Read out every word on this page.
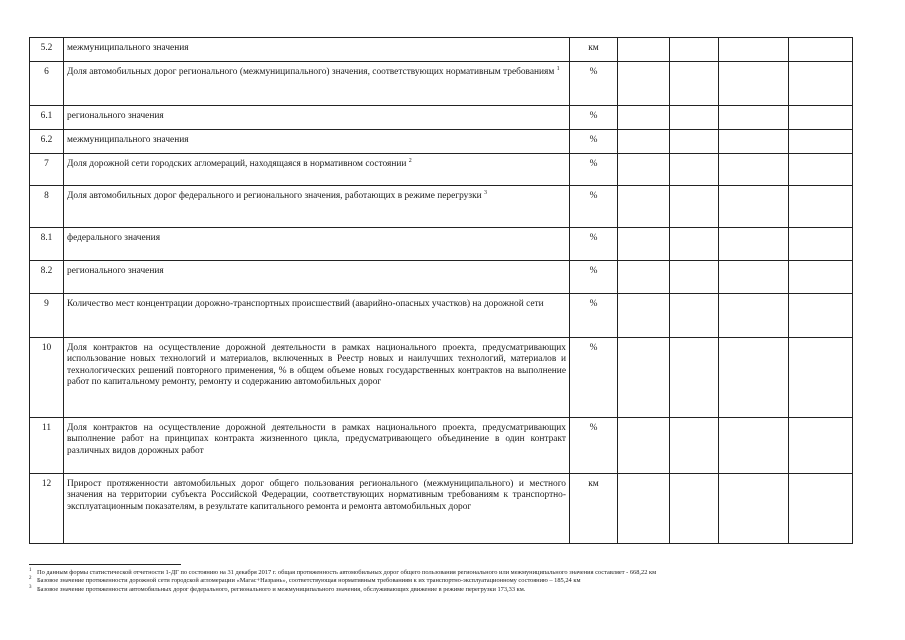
5.2	межмуниципального значения	км				
6	Доля автомобильных дорог регионального (межмуниципального) значения, соответствующих нормативным требованиям $^1$	%				
6.1	регионального значения	%				
6.2	межмуниципального значения	%				
7	Доля дорожной сети городских агломераций, находящаяся в нормативном состоянии $^2$	%				
8	Доля автомобильных дорог федерального и регионального значения, работающих в режиме перегрузки $^3$	%				
8.1	федерального значения	%				
8.2	регионального значения	%				
9	Количество мест концентрации дорожно-транспортных происшествий (аварийно-опасных участков) на дорожной сети	%				
10	Доля контрактов на осуществление дорожной деятельности в рамках национального проекта, предусматривающих использование новых технологий и материалов, включенных в Реестр новых и наилучших технологий, материалов и технологических решений повторного применения, % в общем объеме новых государственных контрактов на выполнение работ по капитальному ремонту, ремонту и содержанию автомобильных дорог	%				
11	Доля контрактов на осуществление дорожной деятельности в рамках национального проекта, предусматривающих выполнение работ на принципах контракта жизненного цикла, предусматривающего объединение в один контракт различных видов дорожных работ	%				
12	Прирост протяженности автомобильных дорог общего пользования регионального (межмуниципального) и местного значения на территории субъекта Российской Федерации, соответствующих нормативным требованиям к транспортно-эксплуатационным показателям, в результате капитального ремонта и ремонта автомобильных дорог	км				
1 По данным формы статистической отчетности 1-ДГ по состоянию на 31 декабря 2017 г. общая протяженность автомобильных дорог общего пользования регионального или межмуниципального значения составляет - 668,22 км
2 Базовое значение протяженности дорожной сети городской агломерации «Магас+Назрань», соответствующая нормативным требованиям к их транспортно-эксплуатационному состоянию – 185,24 км
3 Базовое значение протяженности автомобильных дорог федерального, регионального и межмуниципального значения, обслуживающих движение в режиме перегрузки 173,33 км.
